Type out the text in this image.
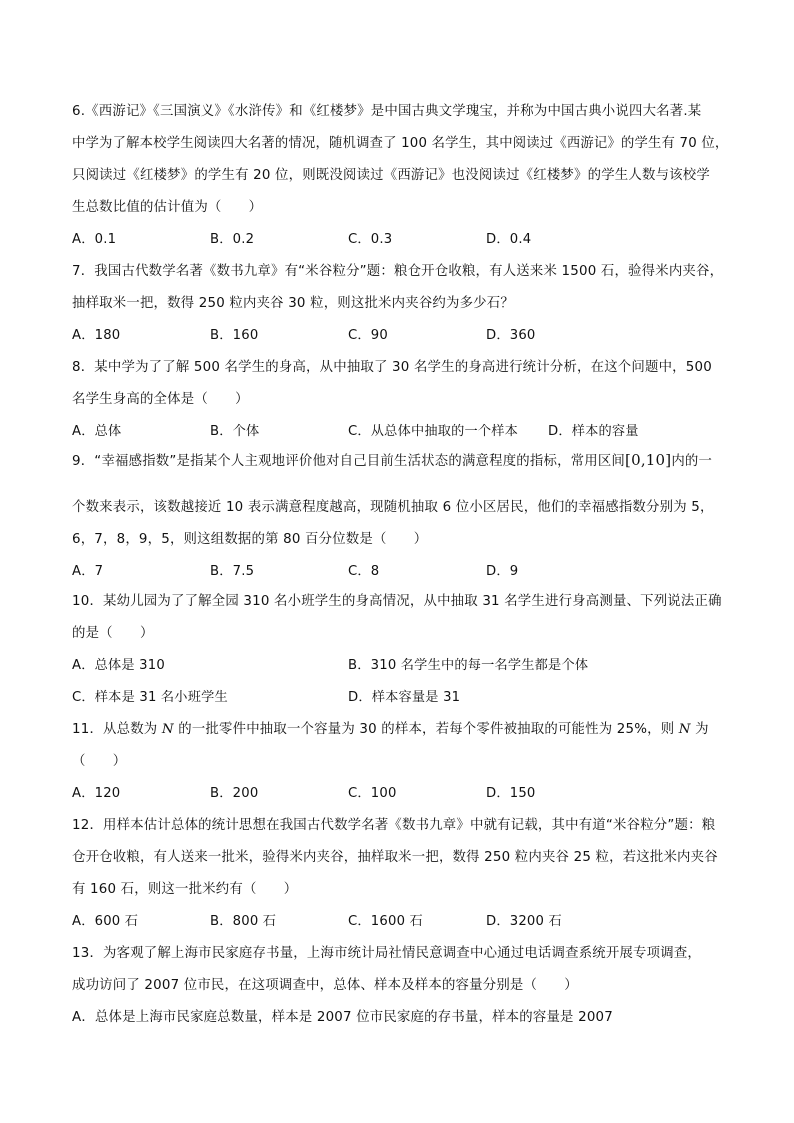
6.《西游记》《三国演义》《水浒传》和《红楼梦》是中国古典文学瑰宝，并称为中国古典小说四大名著.某
中学为了解本校学生阅读四大名著的情况，随机调查了 100 名学生，其中阅读过《西游记》的学生有 70 位，
只阅读过《红楼梦》的学生有 20 位，则既没阅读过《西游记》也没阅读过《红楼梦》的学生人数与该校学
生总数比值的估计值为（　　）
A．0.1	B．0.2	C．0.3	D．0.4
7．我国古代数学名著《数书九章》有“米谷粒分”题：粮仓开仓收粮，有人送来米 1500 石，验得米内夹谷，
抽样取米一把，数得 250 粒内夹谷 30 粒，则这批米内夹谷约为多少石？
A．180	B．160	C．90	D．360
8．某中学为了了解 500 名学生的身高，从中抽取了 30 名学生的身高进行统计分析，在这个问题中，500
名学生身高的全体是（　　）
A．总体	B．个体	C．从总体中抽取的一个样本 D．样本的容量
9．“幸福感指数”是指某个人主观地评价他对自己目前生活状态的满意程度的指标，常用区间[0,10]内的一
个数来表示，该数越接近 10 表示满意程度越高，现随机抽取 6 位小区居民，他们的幸福感指数分别为 5，
6，7，8，9，5，则这组数据的第 80 百分位数是（　　）
A．7	B．7.5	C．8	D．9
10．某幼儿园为了了解全园 310 名小班学生的身高情况，从中抽取 31 名学生进行身高测量、下列说法正确
的是（　　）
A．总体是 310	B．310 名学生中的每一名学生都是个体
C．样本是 31 名小班学生	D．样本容量是 31
11．从总数为 N 的一批零件中抽取一个容量为 30 的样本，若每个零件被抽取的可能性为 25%，则 N 为
（　　）
A．120	B．200	C．100	D．150
12．用样本估计总体的统计思想在我国古代数学名著《数书九章》中就有记载，其中有道“米谷粒分”题：粮
仓开仓收粮，有人送来一批米，验得米内夹谷，抽样取米一把，数得 250 粒内夹谷 25 粒，若这批米内夹谷
有 160 石，则这一批米约有（　　）
A．600 石	B．800 石	C．1600 石	D．3200 石
13．为客观了解上海市民家庭存书量，上海市统计局社情民意调查中心通过电话调查系统开展专项调查，
成功访问了 2007 位市民，在这项调查中，总体、样本及样本的容量分别是（　　）
A．总体是上海市民家庭总数量，样本是 2007 位市民家庭的存书量，样本的容量是 2007
